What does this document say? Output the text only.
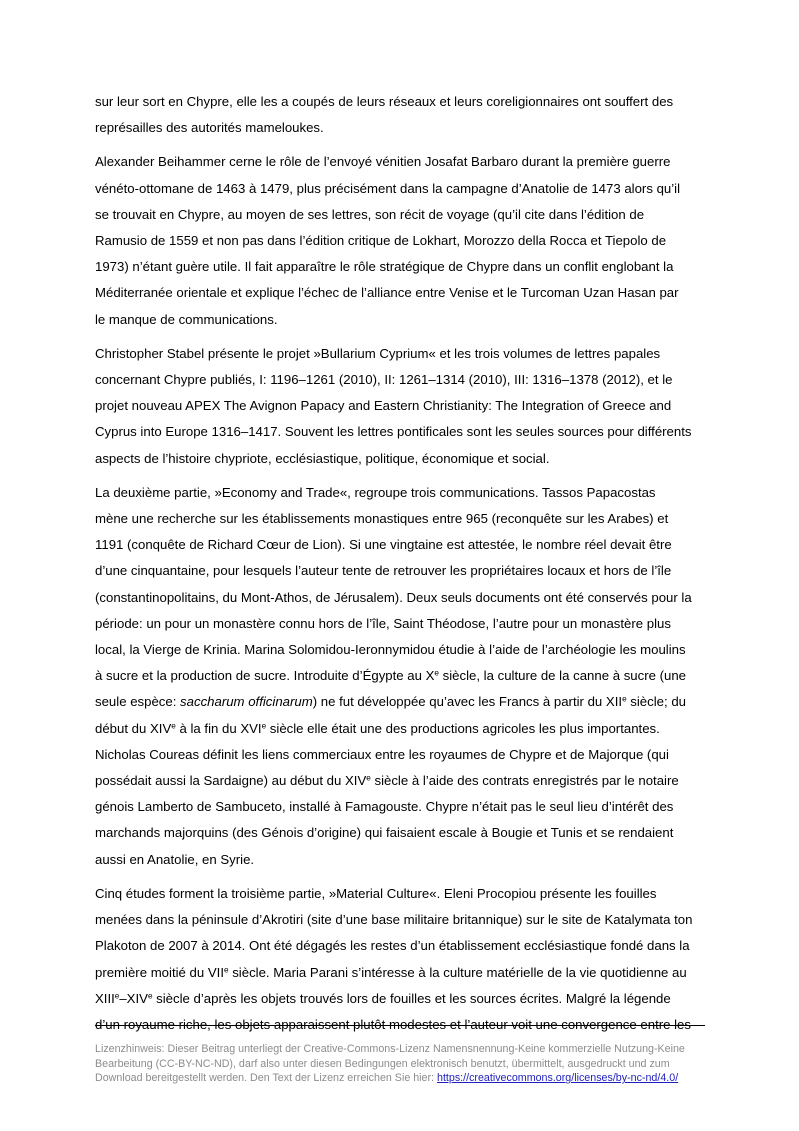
sur leur sort en Chypre, elle les a coupés de leurs réseaux et leurs coreligionnaires ont souffert des
représailles des autorités mameloukes.

Alexander Beihammer cerne le rôle de l’envoyé vénitien Josafat Barbaro durant la première guerre
vénéto-ottomane de 1463 à 1479, plus précisément dans la campagne d’Anatolie de 1473 alors qu’il
se trouvait en Chypre, au moyen de ses lettres, son récit de voyage (qu’il cite dans l’édition de
Ramusio de 1559 et non pas dans l’édition critique de Lokhart, Morozzo della Rocca et Tiepolo de
1973) n’étant guère utile. Il fait apparaître le rôle stratégique de Chypre dans un conflit englobant la
Méditerranée orientale et explique l’échec de l’alliance entre Venise et le Turcoman Uzan Hasan par
le manque de communications.

Christopher Stabel présente le projet »Bullarium Cyprium« et les trois volumes de lettres papales
concernant Chypre publiés, I: 1196–1261 (2010), II: 1261–1314 (2010), III: 1316–1378 (2012), et le
projet nouveau APEX The Avignon Papacy and Eastern Christianity: The Integration of Greece and
Cyprus into Europe 1316–1417. Souvent les lettres pontificales sont les seules sources pour différents
aspects de l’histoire chypriote, ecclésiastique, politique, économique et social.

La deuxième partie, »Economy and Trade«, regroupe trois communications. Tassos Papacostas
mène une recherche sur les établissements monastiques entre 965 (reconquête sur les Arabes) et
1191 (conquête de Richard Cœur de Lion). Si une vingtaine est attestée, le nombre réel devait être
d’une cinquantaine, pour lesquels l’auteur tente de retrouver les propriétaires locaux et hors de l’île
(constantinopolitains, du Mont-Athos, de Jérusalem). Deux seuls documents ont été conservés pour la
période: un pour un monastère connu hors de l’île, Saint Théodose, l’autre pour un monastère plus
local, la Vierge de Krinia. Marina Solomidou-Ieronnymidou étudie à l’aide de l’archéologie les moulins
à sucre et la production de sucre. Introduite d’Égypte au Xe siècle, la culture de la canne à sucre (une
seule espèce: saccharum officinarum) ne fut développée qu’avec les Francs à partir du XIIe siècle; du
début du XIVe à la fin du XVIe siècle elle était une des productions agricoles les plus importantes.
Nicholas Coureas définit les liens commerciaux entre les royaumes de Chypre et de Majorque (qui
possédait aussi la Sardaigne) au début du XIVe siècle à l’aide des contrats enregistrés par le notaire
génois Lamberto de Sambuceto, installé à Famagouste. Chypre n’était pas le seul lieu d’intérêt des
marchands majorquins (des Génois d’origine) qui faisaient escale à Bougie et Tunis et se rendaient
aussi en Anatolie, en Syrie.

Cinq études forment la troisième partie, »Material Culture«. Eleni Procopiou présente les fouilles
menées dans la péninsule d’Akrotiri (site d’une base militaire britannique) sur le site de Katalymata ton
Plakoton de 2007 à 2014. Ont été dégagés les restes d’un établissement ecclésiastique fondé dans la
première moitié du VIIe siècle. Maria Parani s’intéresse à la culture matérielle de la vie quotidienne au
XIIIe–XIVe siècle d’après les objets trouvés lors de fouilles et les sources écrites. Malgré la légende
d’un royaume riche, les objets apparaissent plutôt modestes et l’auteur voit une convergence entre les

Lizenzhinweis: Dieser Beitrag unterliegt der Creative-Commons-Lizenz Namensnennung-Keine kommerzielle Nutzung-Keine
Bearbeitung (CC-BY-NC-ND), darf also unter diesen Bedingungen elektronisch benutzt, übermittelt, ausgedruckt und zum
Download bereitgestellt werden. Den Text der Lizenz erreichen Sie hier: https://creativecommons.org/licenses/by-nc-nd/4.0/
